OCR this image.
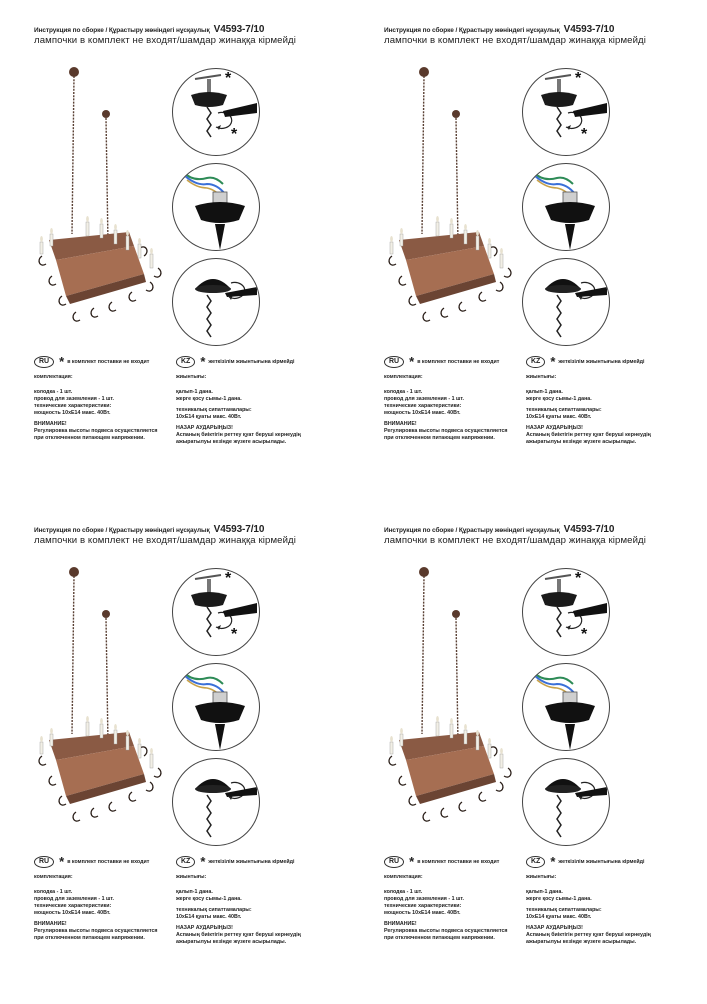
Инструкция по сборке / Құрастыру жөніндегі нұсқаулық V4593-7/10
лампочки в комплект не входят/шамдар жинаққа кірмейді
*
*
RU * в комплект поставки не входит	KZ * жеткізілім жиынтығына кірмейді

комплектация:

колодка - 1 шт.

провод для заземления - 1 шт.

технические характеристики:

мощность 10хЕ14 макс. 40Вт.

ВНИМАНИЕ!

Регулировка высоты подвеса осуществляется

при отключенном питающем напряжении.

жиынтығы:

қалып-1 дана.

жерге қосу сымы-1 дана.

техникалық сипаттамалары:

10хЕ14 қуаты макс. 40Вт.

НАЗАР АУДАРЫҢЫЗ!

Аспаның биіктігін реттеу қуат беруші кернеудің

ажыратылуы кезінде жүзеге асырылады.

Инструкция по сборке / Құрастыру жөніндегі нұсқаулық V4593-7/10
лампочки в комплект не входят/шамдар жинаққа кірмейді
*
*
RU * в комплект поставки не входит	KZ * жеткізілім жиынтығына кірмейді

комплектация:

колодка - 1 шт.

провод для заземления - 1 шт.

технические характеристики:

мощность 10хЕ14 макс. 40Вт.

ВНИМАНИЕ!

Регулировка высоты подвеса осуществляется

при отключенном питающем напряжении.

жиынтығы:

қалып-1 дана.

жерге қосу сымы-1 дана.

техникалық сипаттамалары:

10хЕ14 қуаты макс. 40Вт.

НАЗАР АУДАРЫҢЫЗ!

Аспаның биіктігін реттеу қуат беруші кернеудің

ажыратылуы кезінде жүзеге асырылады.

Инструкция по сборке / Құрастыру жөніндегі нұсқаулық V4593-7/10
лампочки в комплект не входят/шамдар жинаққа кірмейді
*
*
RU * в комплект поставки не входит	KZ * жеткізілім жиынтығына кірмейді

комплектация:

колодка - 1 шт.

провод для заземления - 1 шт.

технические характеристики:

мощность 10хЕ14 макс. 40Вт.

ВНИМАНИЕ!

Регулировка высоты подвеса осуществляется

при отключенном питающем напряжении.

жиынтығы:

қалып-1 дана.

жерге қосу сымы-1 дана.

техникалық сипаттамалары:

10хЕ14 қуаты макс. 40Вт.

НАЗАР АУДАРЫҢЫЗ!

Аспаның биіктігін реттеу қуат беруші кернеудің

ажыратылуы кезінде жүзеге асырылады.

Инструкция по сборке / Құрастыру жөніндегі нұсқаулық V4593-7/10
лампочки в комплект не входят/шамдар жинаққа кірмейді
*
*
RU * в комплект поставки не входит	KZ * жеткізілім жиынтығына кірмейді

комплектация:

колодка - 1 шт.

провод для заземления - 1 шт.

технические характеристики:

мощность 10хЕ14 макс. 40Вт.

ВНИМАНИЕ!

Регулировка высоты подвеса осуществляется

при отключенном питающем напряжении.

жиынтығы:

қалып-1 дана.

жерге қосу сымы-1 дана.

техникалық сипаттамалары:

10хЕ14 қуаты макс. 40Вт.

НАЗАР АУДАРЫҢЫЗ!

Аспаның биіктігін реттеу қуат беруші кернеудің

ажыратылуы кезінде жүзеге асырылады.
